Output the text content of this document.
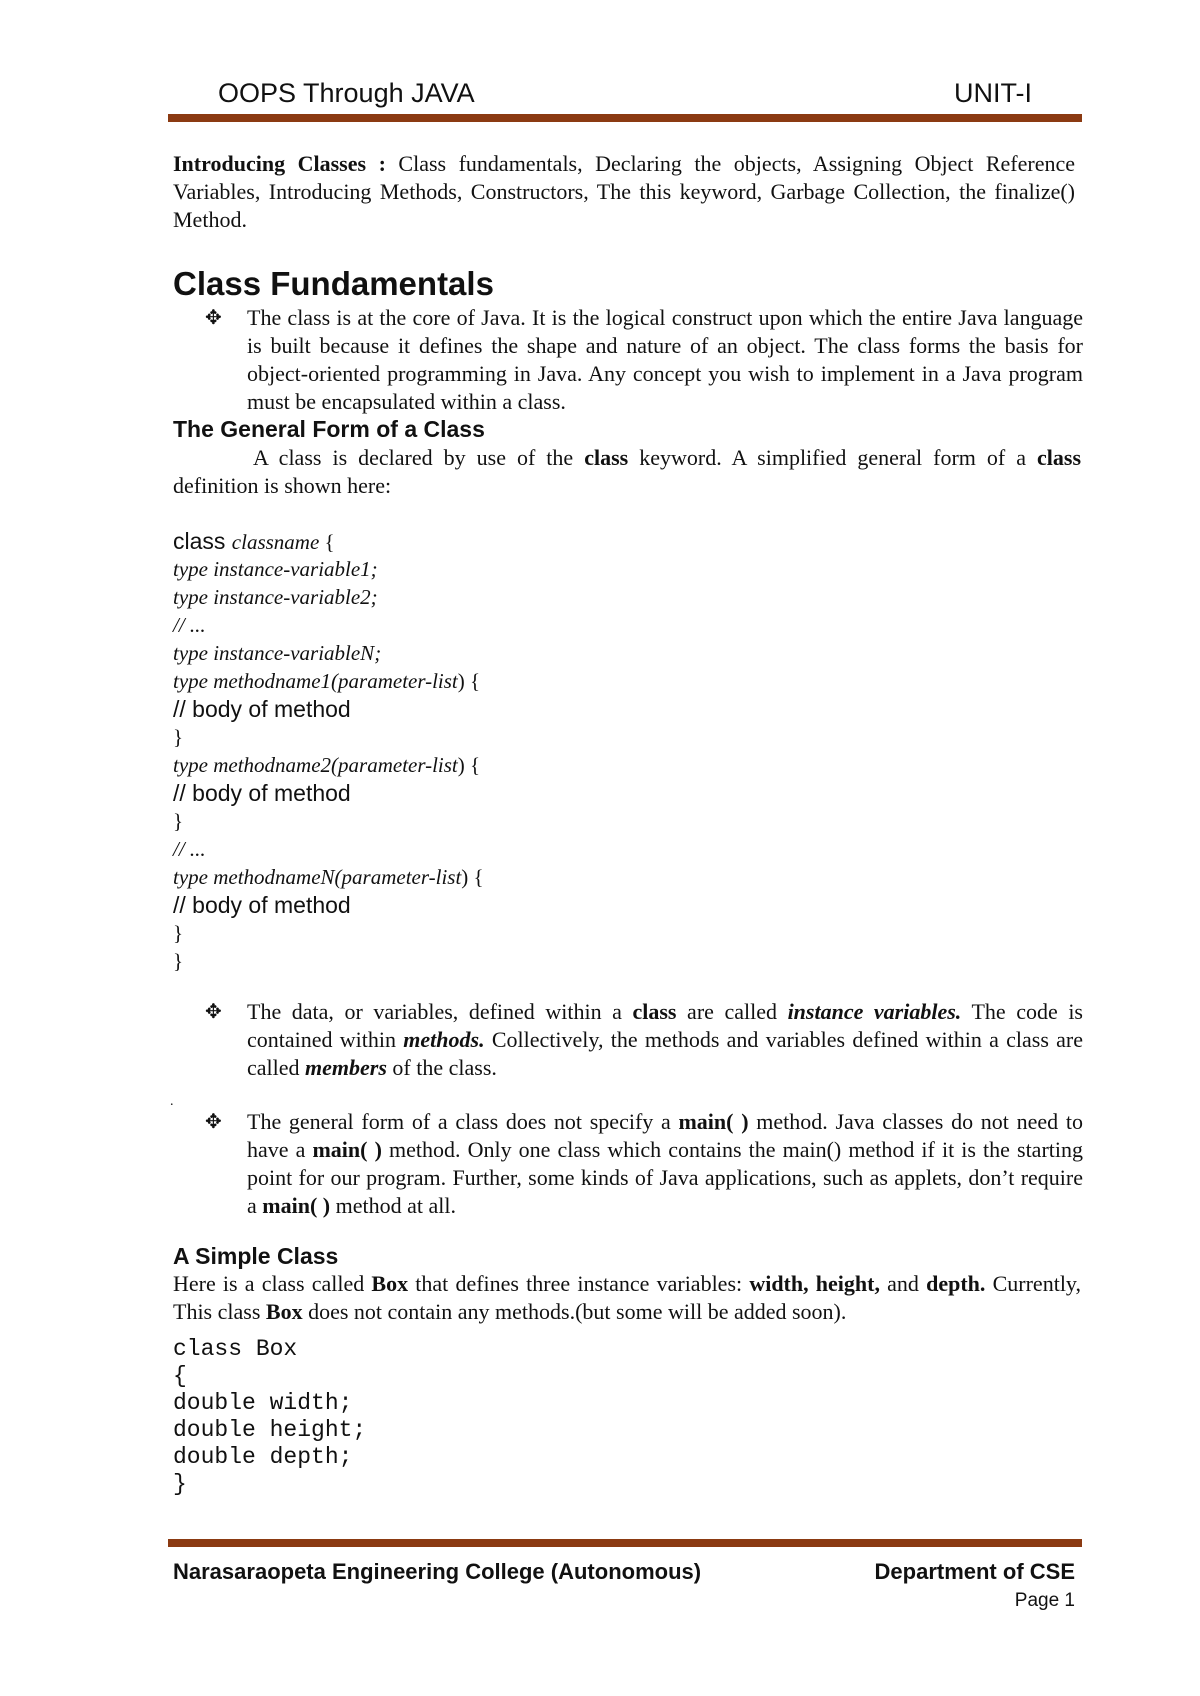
OOPS Through JAVA	UNIT-I
Introducing Classes : Class fundamentals, Declaring the objects, Assigning Object Reference Variables, Introducing Methods, Constructors, The this keyword, Garbage Collection, the finalize() Method.
Class Fundamentals
✥	The class is at the core of Java. It is the logical construct upon which the entire Java language is built because it defines the shape and nature of an object. The class forms the basis for object-oriented programming in Java. Any concept you wish to implement in a Java program must be encapsulated within a class.
The General Form of a Class
A class is declared by use of the class keyword. A simplified general form of a class definition is shown here:
class classname {
type instance-variable1;
type instance-variable2;
// ...
type instance-variableN;
type methodname1(parameter-list) {
// body of method
}
type methodname2(parameter-list) {
// body of method
}
// ...
type methodnameN(parameter-list) {
// body of method
}
}
✥	The data, or variables, defined within a class are called instance variables. The code is contained within methods. Collectively, the methods and variables defined within a class are called members of the class.
.
✥	The general form of a class does not specify a main( ) method. Java classes do not need to have a main( ) method. Only one class which contains the main() method if it is the starting point for our program. Further, some kinds of Java applications, such as applets, don’t require a main( ) method at all.
A Simple Class
Here is a class called Box that defines three instance variables: width, height, and depth. Currently, This class Box does not contain any methods.(but some will be added soon).
class Box
{
double width;
double height;
double depth;
}
Narasaraopeta Engineering College (Autonomous)	Department of CSE
Page 1
